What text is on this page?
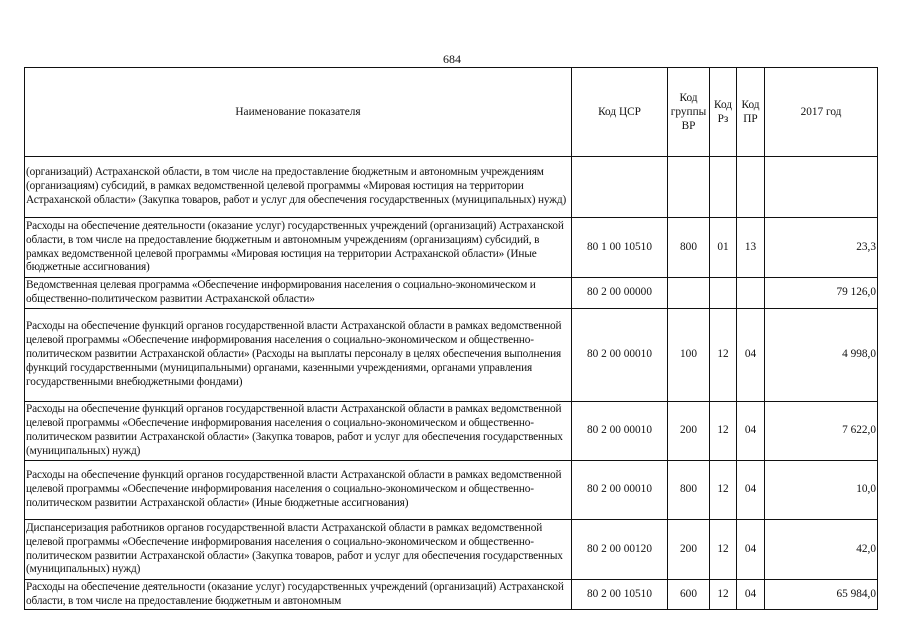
684
Наименование показателя	Код ЦСР	Код группы ВР	Код Рз	Код ПР	2017 год
(организаций) Астраханской области, в том числе на предоставление бюджетным и автономным учреждениям (организациям) субсидий, в рамках ведомственной целевой программы «Мировая юстиция на территории Астраханской области» (Закупка товаров, работ и услуг для обеспечения государственных (муниципальных) нужд)					
Расходы на обеспечение деятельности (оказание услуг) государственных учреждений (организаций) Астраханской области, в том числе на предоставление бюджетным и автономным учреждениям (организациям) субсидий, в рамках ведомственной целевой программы «Мировая юстиция на территории Астраханской области» (Иные бюджетные ассигнования)	80 1 00 10510	800	01	13	23,3
Ведомственная целевая программа «Обеспечение информирования населения о социально-экономическом и общественно-политическом развитии Астраханской области»	80 2 00 00000				79 126,0
Расходы на обеспечение функций органов государственной власти Астраханской области в рамках ведомственной целевой программы «Обеспечение информирования населения о социально-экономическом и общественно-политическом развитии Астраханской области» (Расходы на выплаты персоналу в целях обеспечения выполнения функций государственными (муниципальными) органами, казенными учреждениями, органами управления государственными внебюджетными фондами)	80 2 00 00010	100	12	04	4 998,0
Расходы на обеспечение функций органов государственной власти Астраханской области в рамках ведомственной целевой программы «Обеспечение информирования населения о социально-экономическом и общественно-политическом развитии Астраханской области» (Закупка товаров, работ и услуг для обеспечения государственных (муниципальных) нужд)	80 2 00 00010	200	12	04	7 622,0
Расходы на обеспечение функций органов государственной власти Астраханской области в рамках ведомственной целевой программы «Обеспечение информирования населения о социально-экономическом и общественно-политическом развитии Астраханской области» (Иные бюджетные ассигнования)	80 2 00 00010	800	12	04	10,0
Диспансеризация работников органов государственной власти Астраханской области в рамках ведомственной целевой программы «Обеспечение информирования населения о социально-экономическом и общественно-политическом развитии Астраханской области» (Закупка товаров, работ и услуг для обеспечения государственных (муниципальных) нужд)	80 2 00 00120	200	12	04	42,0
Расходы на обеспечение деятельности (оказание услуг) государственных учреждений (организаций) Астраханской области, в том числе на предоставление бюджетным и автономным	80 2 00 10510	600	12	04	65 984,0
